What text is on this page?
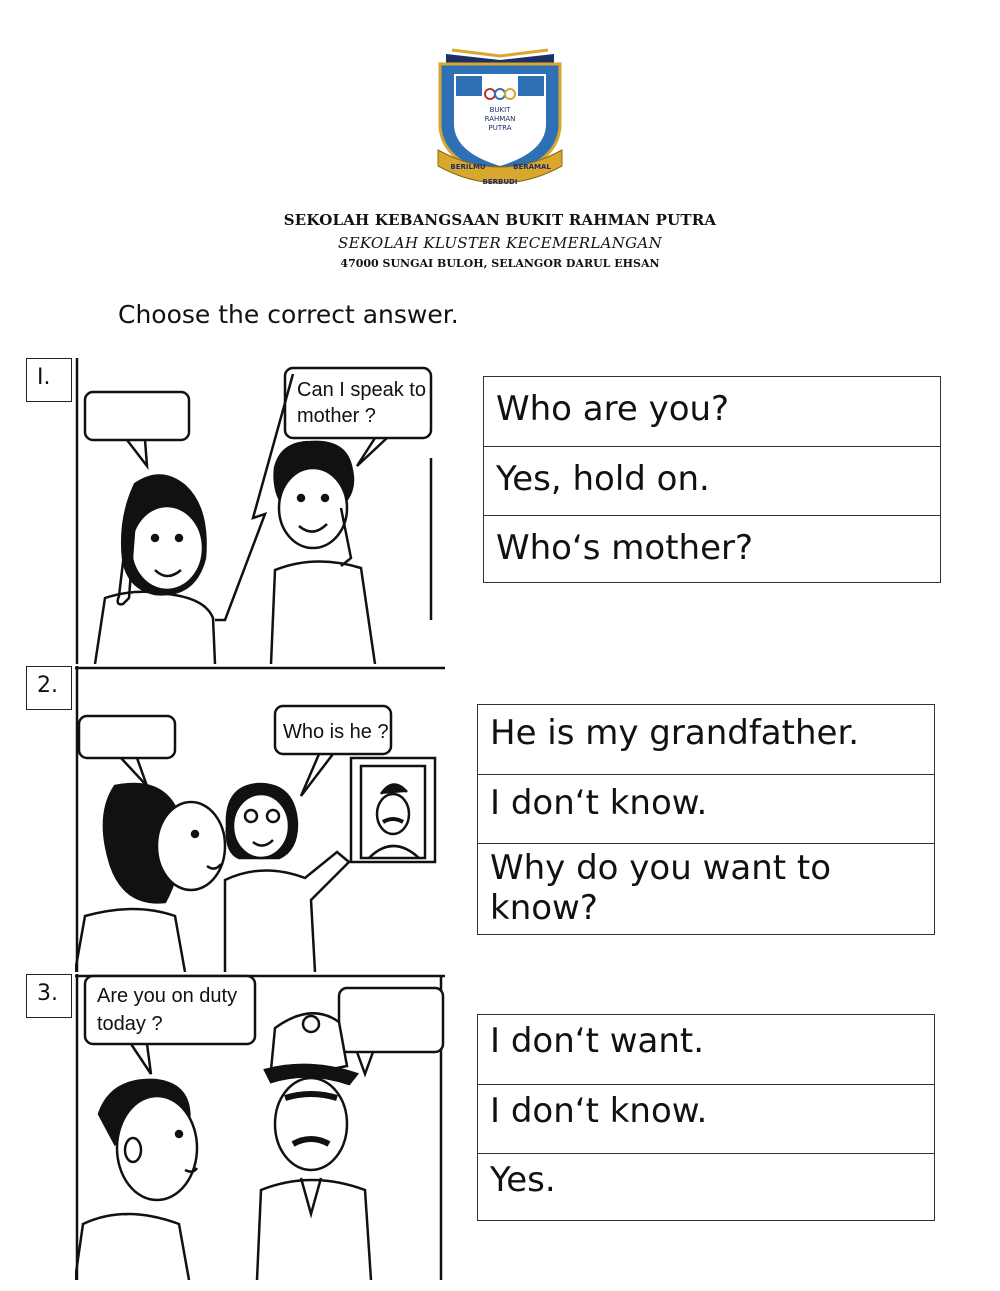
BUKIT
RAHMAN
PUTRA
BERILMU	BERAMAL
BERBUDI
SEKOLAH KEBANGSAAN BUKIT RAHMAN PUTRA
SEKOLAH KLUSTER KECEMERLANGAN
47000 SUNGAI BULOH, SELANGOR DARUL EHSAN
Choose the correct answer.
Can I speak to
mother ?
I.
Who are you?
Yes, hold on.
Who‘s mother?
Who is he ?
2.
He is my grandfather.
I don‘t know.
Why do you want to know?
Are you on duty
today ?
3.
I don‘t want.
I don‘t know.
Yes.
